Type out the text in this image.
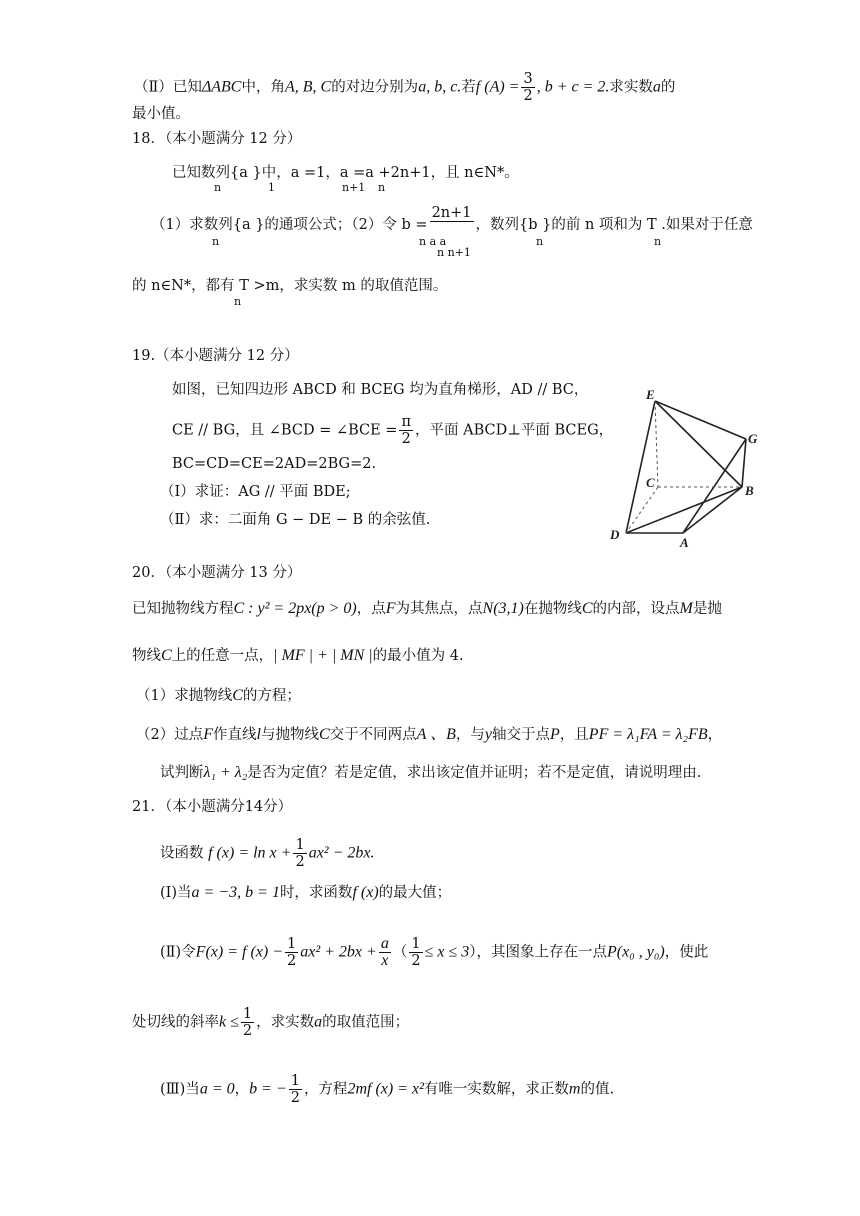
（Ⅱ）已知ΔABC中，角A, B, C的对边分别为a, b, c.若f $(A) = \frac{3}{2}$ , b + c = 2.求实数a的
最小值。
18．（本小题满分 12 分）
已知数列{a }中，a =1，a =a +2n+1，且 n∈N*。
n	1	n+1 n
（1）求数列{a }的通项公式；（2）令 b =
2n+1
，数列{b }的前 n 项和为 T .如果对于任意
n	n a a	n	n
n n+1
的 n∈N*，都有 T >m，求实数 m 的取值范围。
n
19.（本小题满分 12 分）
如图，已知四边形 ABCD 和 BCEG 均为直角梯形，AD // BC，
CE // BG，且 ∠BCD = ∠BCE = $\frac{\pi}{2}$ ，平面 ABCD⊥平面 BCEG，
BC=CD=CE=2AD=2BG=2.
（Ⅰ）求证：AG // 平面 BDE;
（Ⅱ）求：二面角 G − DE − B 的余弦值.
E
G
C
B
D
A
20．（本小题满分 13 分）
已知抛物线方程C : y² = 2px(p > 0)，点F为其焦点，点N(3,1)在抛物线C的内部，设点M是抛
物线C上的任意一点，| MF | + | MN |的最小值为 4.
（1）求抛物线C的方程；
（2）过点F作直线l与抛物线C交于不同两点A 、B，与y轴交于点P，且PF = λ₁FA = λ₂FB，
试判断λ₁ + λ₂是否为定值？若是定值，求出该定值并证明；若不是定值，请说明理由.
21．（本小题满分14分）
设函数 f $(x) = \ln x + \frac{1}{2} ax^2 - 2bx$.
(Ⅰ)当a = −3, b = 1时，求函数f (x)的最大值；
(Ⅱ)令F(x) = f $(x) - \frac{1}{2} ax^2 + 2bx + \frac{a}{x}$ （ $\frac{1}{2} \le x \le 3$），其图象上存在一点P(x₀ , y₀)，使此
处切线的斜率$k \le \frac{1}{2}$ ，求实数a的取值范围；
(Ⅲ)当a = 0，b = − $\frac{1}{2}$ ，方程2mf (x) = x²有唯一实数解，求正数m的值.
